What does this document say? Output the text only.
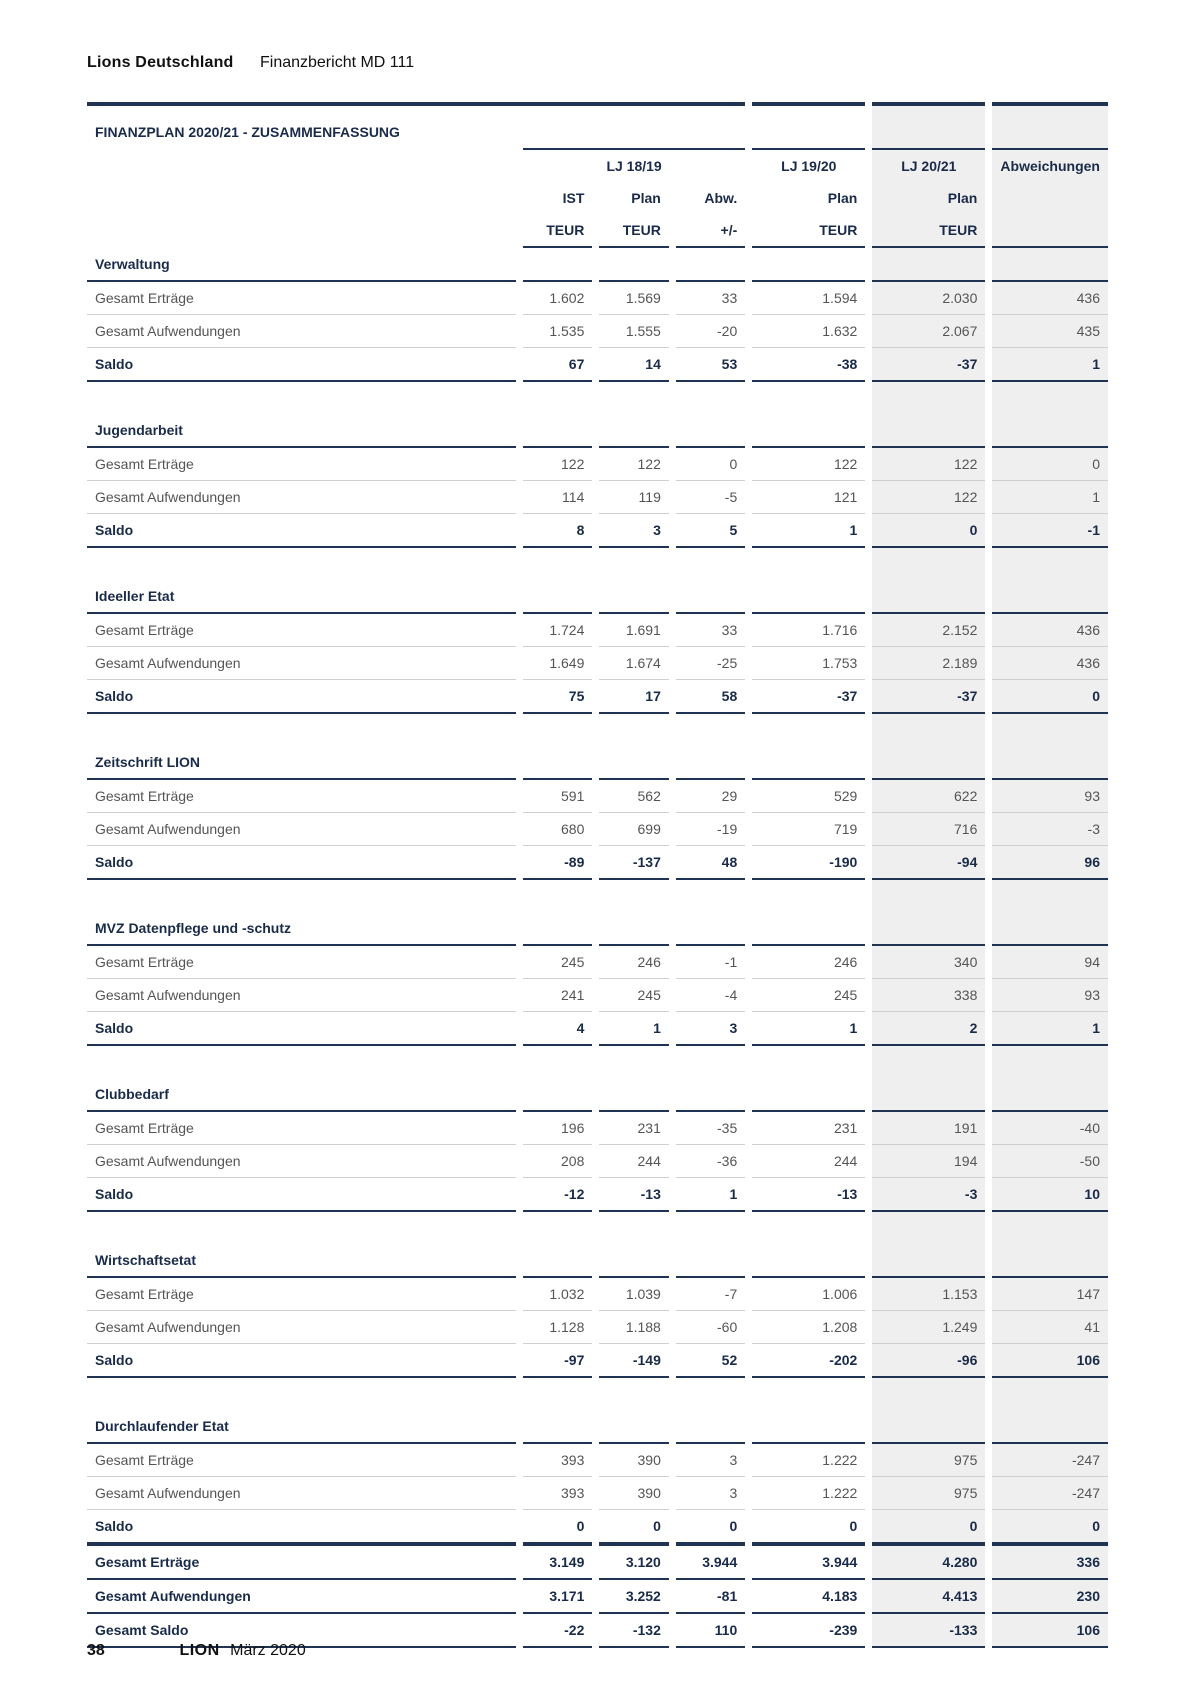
Lions Deutschland Finanzbericht MD 111
FINANZPLAN 2020/21 - ZUSAMMENFASSUNG						
	LJ 18/19			LJ 19/20	LJ 20/21	Abweichungen
	IST	Plan	Abw.	Plan	Plan	
	TEUR	TEUR	+/-	TEUR	TEUR	
Verwaltung						
Gesamt Erträge	1.602	1.569	33	1.594	2.030	436
Gesamt Aufwendungen	1.535	1.555	-20	1.632	2.067	435
Saldo	67	14	53	-38	-37	1

Jugendarbeit						
Gesamt Erträge	122	122	0	122	122	0
Gesamt Aufwendungen	114	119	-5	121	122	1
Saldo	8	3	5	1	0	-1

Ideeller Etat						
Gesamt Erträge	1.724	1.691	33	1.716	2.152	436
Gesamt Aufwendungen	1.649	1.674	-25	1.753	2.189	436
Saldo	75	17	58	-37	-37	0

Zeitschrift LION						
Gesamt Erträge	591	562	29	529	622	93
Gesamt Aufwendungen	680	699	-19	719	716	-3
Saldo	-89	-137	48	-190	-94	96

MVZ Datenpflege und -schutz						
Gesamt Erträge	245	246	-1	246	340	94
Gesamt Aufwendungen	241	245	-4	245	338	93
Saldo	4	1	3	1	2	1

Clubbedarf						
Gesamt Erträge	196	231	-35	231	191	-40
Gesamt Aufwendungen	208	244	-36	244	194	-50
Saldo	-12	-13	1	-13	-3	10

Wirtschaftsetat						
Gesamt Erträge	1.032	1.039	-7	1.006	1.153	147
Gesamt Aufwendungen	1.128	1.188	-60	1.208	1.249	41
Saldo	-97	-149	52	-202	-96	106

Durchlaufender Etat						
Gesamt Erträge	393	390	3	1.222	975	-247
Gesamt Aufwendungen	393	390	3	1.222	975	-247
Saldo	0	0	0	0	0	0
Gesamt Erträge	3.149	3.120	3.944	3.944	4.280	336
Gesamt Aufwendungen	3.171	3.252	-81	4.183	4.413	230
Gesamt Saldo	-22	-132	110	-239	-133	106
38	LION März 2020
